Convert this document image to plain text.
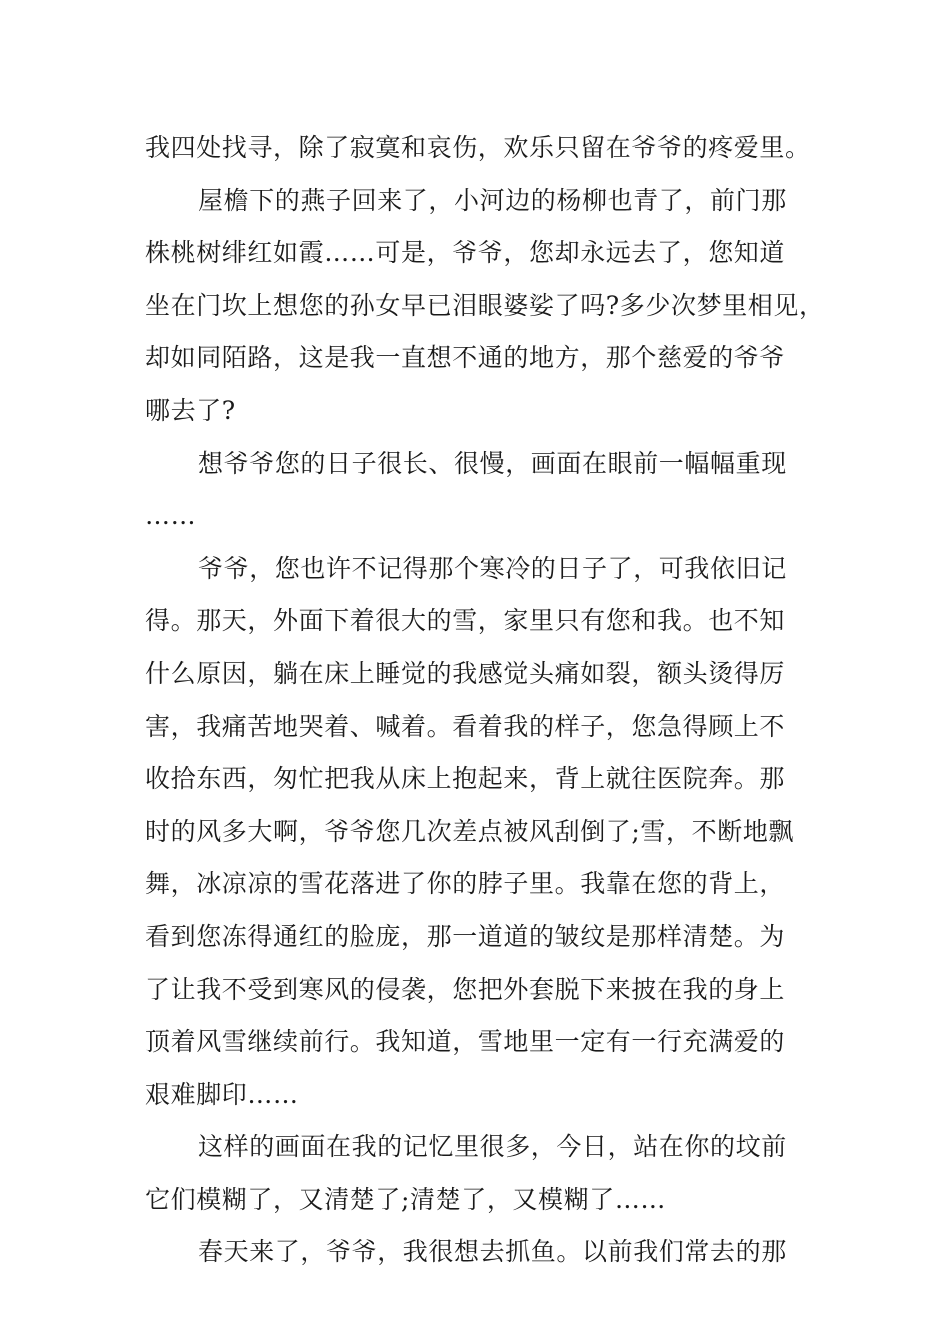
我四处找寻，除了寂寞和哀伤，欢乐只留在爷爷的疼爱里。
屋檐下的燕子回来了，小河边的杨柳也青了，前门那
株桃树绯红如霞……可是，爷爷，您却永远去了，您知道
坐在门坎上想您的孙女早已泪眼婆娑了吗?多少次梦里相见，
却如同陌路，这是我一直想不通的地方，那个慈爱的爷爷
哪去了?
想爷爷您的日子很长、很慢，画面在眼前一幅幅重现
……
爷爷，您也许不记得那个寒冷的日子了，可我依旧记
得。那天，外面下着很大的雪，家里只有您和我。也不知
什么原因，躺在床上睡觉的我感觉头痛如裂，额头烫得厉
害，我痛苦地哭着、喊着。看着我的样子，您急得顾上不
收拾东西，匆忙把我从床上抱起来，背上就往医院奔。那
时的风多大啊，爷爷您几次差点被风刮倒了;雪，不断地飘
舞，冰凉凉的雪花落进了你的脖子里。我靠在您的背上，
看到您冻得通红的脸庞，那一道道的皱纹是那样清楚。为
了让我不受到寒风的侵袭，您把外套脱下来披在我的身上
顶着风雪继续前行。我知道，雪地里一定有一行充满爱的
艰难脚印……
这样的画面在我的记忆里很多，今日，站在你的坟前
它们模糊了，又清楚了;清楚了，又模糊了……
春天来了，爷爷，我很想去抓鱼。以前我们常去的那
